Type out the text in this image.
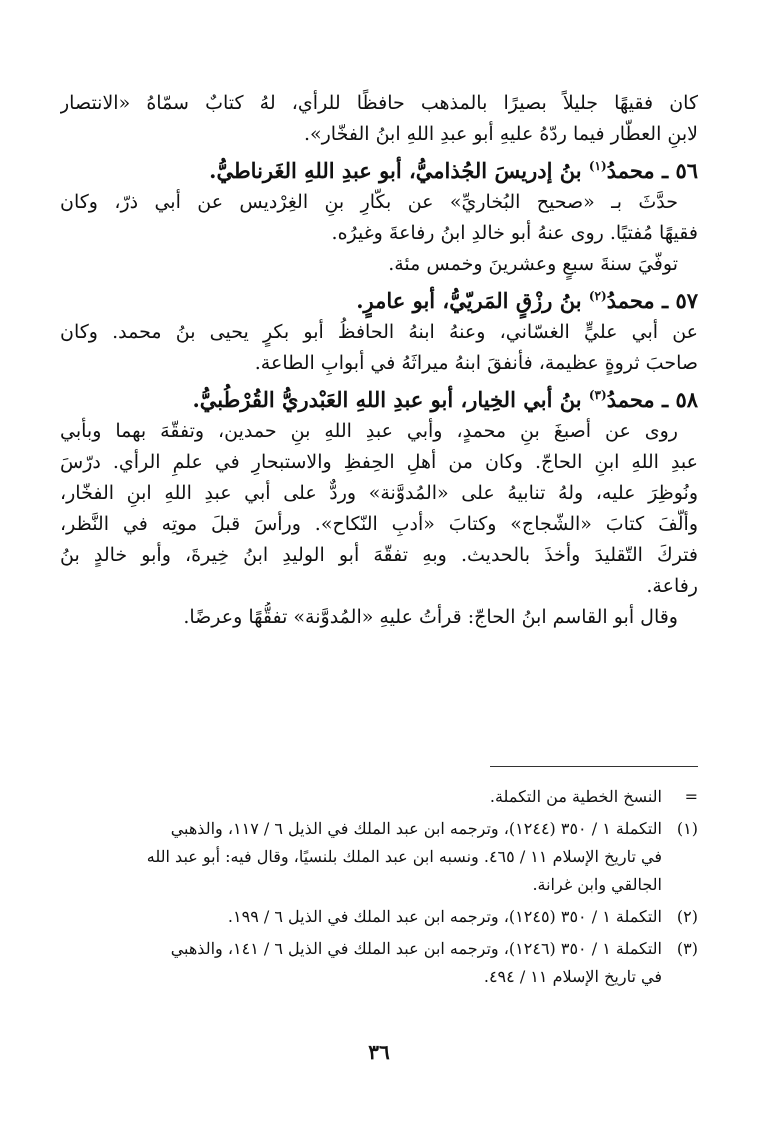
كان فقيهًا جليلاً بصيرًا بالمذهب حافظًا للرأي، لهُ كتابٌ سمّاهُ «الانتصار
لابنِ العطّار فيما ردّهُ عليهِ أبو عبدِ اللهِ ابنُ الفخّار».
٥٦ ـ محمدُ$^{(١)}$ بنُ إدريسَ الجُذاميُّ، أبو عبدِ اللهِ الغَرناطيُّ.
حدَّثَ بـ «صحيح البُخاريِّ» عن بكّارِ بنِ الغِرْديس عن أبي ذرّ، وكان
فقيهًا مُفتيًا. روى عنهُ أبو خالدِ ابنُ رفاعةَ وغيرُه.
توفّيَ سنةَ سبعٍ وعشرينَ وخمس مئة.
٥٧ ـ محمدُ$^{(٢)}$ بنُ رزْقٍ المَريّيُّ، أبو عامرٍ.
عن أبي عليٍّ الغسّاني، وعنهُ ابنهُ الحافظُ أبو بكرٍ يحيى بنُ محمد. وكان
صاحبَ ثروةٍ عظيمة، فأنفقَ ابنهُ ميراثَهُ في أبوابِ الطاعة.
٥٨ ـ محمدُ$^{(٣)}$ بنُ أبي الخِيار، أبو عبدِ اللهِ العَبْدريُّ القُرْطُبيُّ.
روى عن أصبغَ بنِ محمدٍ، وأبي عبدِ اللهِ بنِ حمدين، وتفقّهَ بهما وبأبي
عبدِ اللهِ ابنِ الحاجّ. وكان من أهلِ الحِفظِ والاستبحارِ في علمِ الرأي. درّسَ
ونُوظِرَ عليه، ولهُ تنابيهُ على «المُدوَّنة» وردٌّ على أبي عبدِ اللهِ ابنِ الفخّار،
وألَّفَ كتابَ «الشّجاج» وكتابَ «أدبِ النّكاح». ورأسَ قبلَ موتِه في النَّظر،
فتركَ التّقليدَ وأخذَ بالحديث. وبهِ تفقّهَ أبو الوليدِ ابنُ خِيرةَ، وأبو خالدٍ بنُ
رفاعة.
وقال أبو القاسم ابنُ الحاجّ: قرأتُ عليهِ «المُدوَّنة» تفقُّهًا وعرضًا.
=
النسخ الخطية من التكملة.
(١)
التكملة ١ / ٣٥٠ (١٢٤٤)، وترجمه ابن عبد الملك في الذيل ٦ / ١١٧، والذهبي
في تاريخ الإسلام ١١ / ٤٦٥. ونسبه ابن عبد الملك بلنسيًا، وقال فيه: أبو عبد الله
الجالقي وابن غرانة.
(٢)
التكملة ١ / ٣٥٠ (١٢٤٥)، وترجمه ابن عبد الملك في الذيل ٦ / ١٩٩.
(٣)
التكملة ١ / ٣٥٠ (١٢٤٦)، وترجمه ابن عبد الملك في الذيل ٦ / ١٤١، والذهبي
في تاريخ الإسلام ١١ / ٤٩٤.
٣٦
